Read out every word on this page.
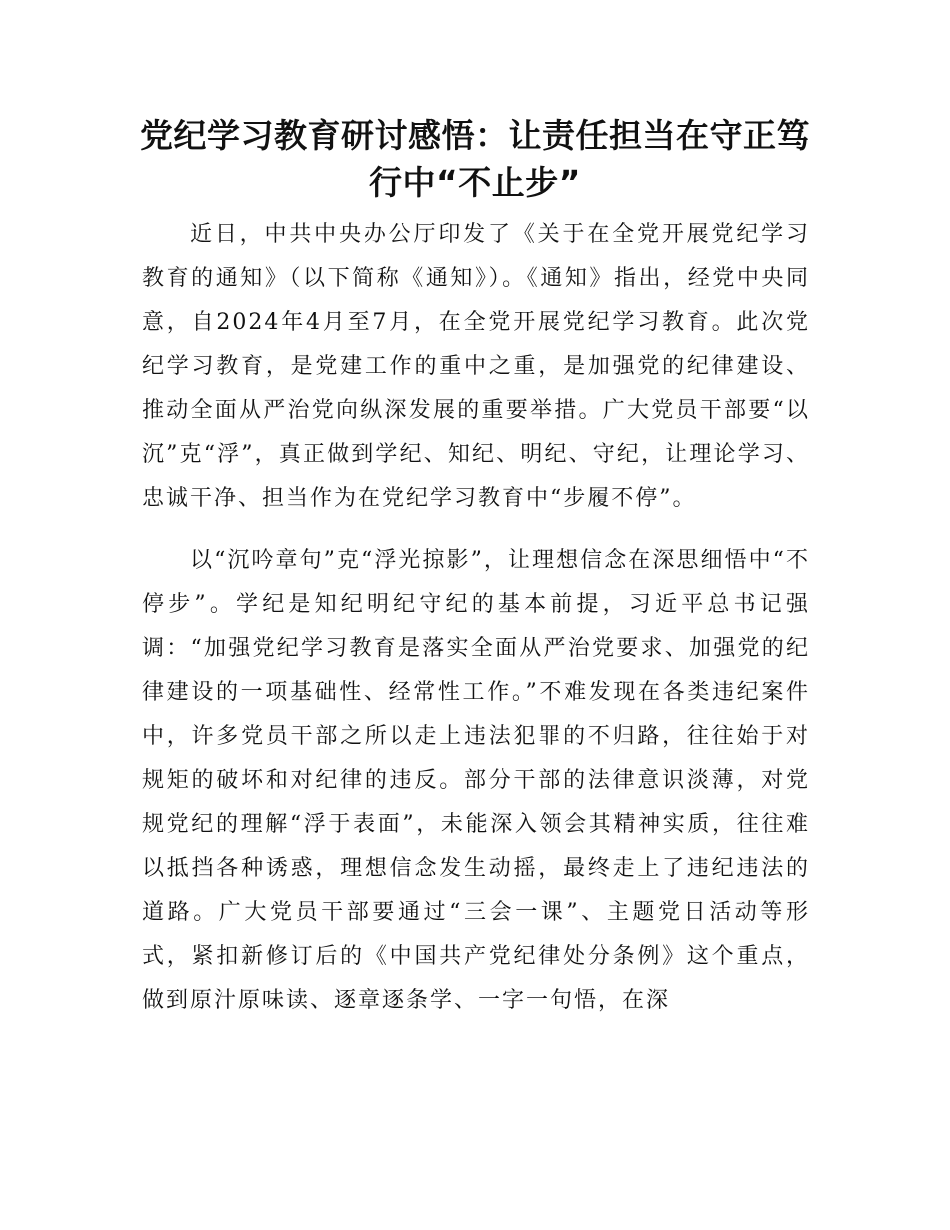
党纪学习教育研讨感悟：让责任担当在守正笃
行中“不止步”

近日，中共中央办公厅印发了《关于在全党开展党纪学习教育的通知》（以下简称《通知》）。《通知》指出，经党中央同意，自2024年4月至7月，在全党开展党纪学习教育。此次党纪学习教育，是党建工作的重中之重，是加强党的纪律建设、推动全面从严治党向纵深发展的重要举措。广大党员干部要“以沉”克“浮”，真正做到学纪、知纪、明纪、守纪，让理论学习、忠诚干净、担当作为在党纪学习教育中“步履不停”。

以“沉吟章句”克“浮光掠影”，让理想信念在深思细悟中“不停步”。学纪是知纪明纪守纪的基本前提，习近平总书记强调：“加强党纪学习教育是落实全面从严治党要求、加强党的纪律建设的一项基础性、经常性工作。”不难发现在各类违纪案件中，许多党员干部之所以走上违法犯罪的不归路，往往始于对规矩的破坏和对纪律的违反。部分干部的法律意识淡薄，对党规党纪的理解“浮于表面”，未能深入领会其精神实质，往往难以抵挡各种诱惑，理想信念发生动摇，最终走上了违纪违法的道路。广大党员干部要通过“三会一课”、主题党日活动等形式，紧扣新修订后的《中国共产党纪律处分条例》这个重点，做到原汁原味读、逐章逐条学、一字一句悟，在深
